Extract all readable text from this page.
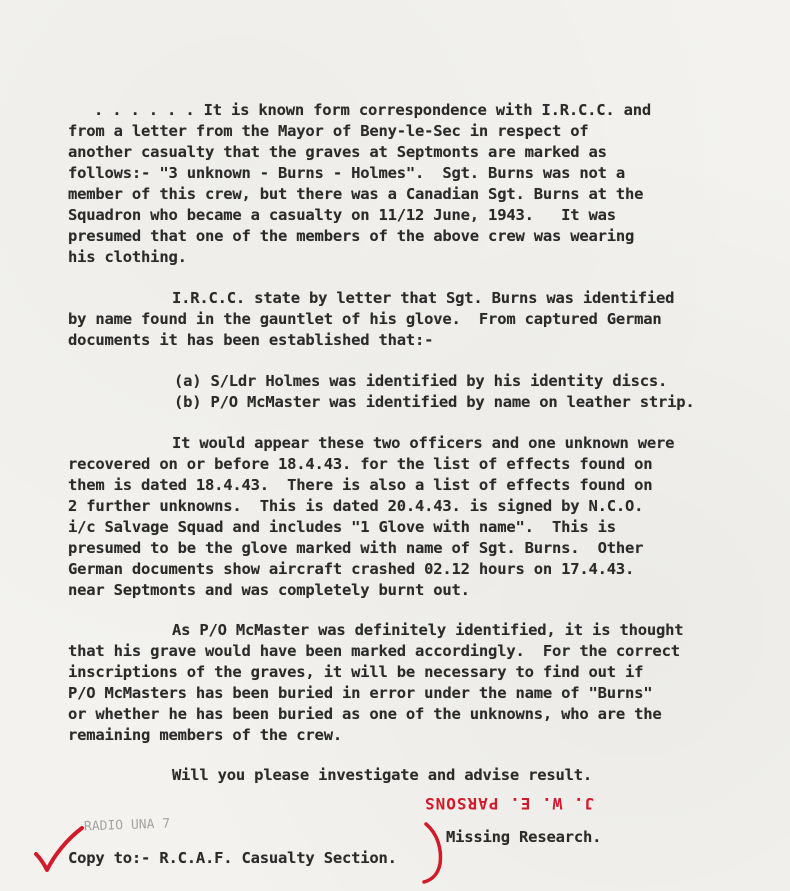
. . . . . . It is known form correspondence with I.R.C.C. and
from a letter from the Mayor of Beny-le-Sec in respect of
another casualty that the graves at Septmonts are marked as
follows:- "3 unknown - Burns - Holmes".  Sgt. Burns was not a
member of this crew, but there was a Canadian Sgt. Burns at the
Squadron who became a casualty on 11/12 June, 1943.   It was
presumed that one of the members of the above crew was wearing
his clothing.
I.R.C.C. state by letter that Sgt. Burns was identified
by name found in the gauntlet of his glove.  From captured German
documents it has been established that:-
(a) S/Ldr Holmes was identified by his identity discs.
(b) P/O McMaster was identified by name on leather strip.
It would appear these two officers and one unknown were
recovered on or before 18.4.43. for the list of effects found on
them is dated 18.4.43.  There is also a list of effects found on
2 further unknowns.  This is dated 20.4.43. is signed by N.C.O.
i/c Salvage Squad and includes "1 Glove with name".  This is
presumed to be the glove marked with name of Sgt. Burns.  Other
German documents show aircraft crashed 02.12 hours on 17.4.43.
near Septmonts and was completely burnt out.
As P/O McMaster was definitely identified, it is thought
that his grave would have been marked accordingly.  For the correct
inscriptions of the graves, it will be necessary to find out if
P/O McMasters has been buried in error under the name of "Burns"
or whether he has been buried as one of the unknowns, who are the
remaining members of the crew.
Will you please investigate and advise result.
J. W. E. PARSONS
RADIO UNA 7
Missing Research.
Copy to:- R.C.A.F. Casualty Section.
